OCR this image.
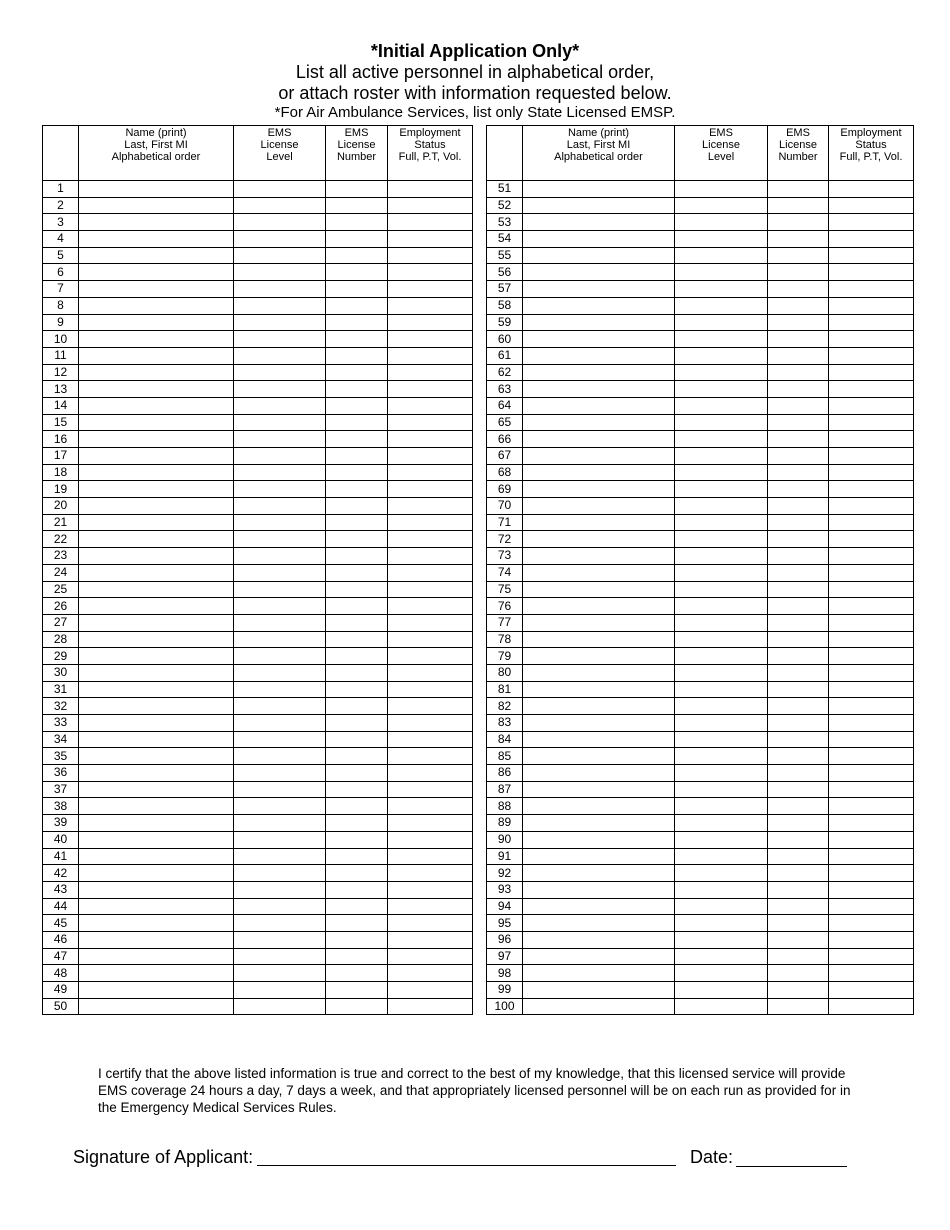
*Initial Application Only*
List all active personnel in alphabetical order,
or attach roster with information requested below.
*For Air Ambulance Services, list only State Licensed EMSP.
	Name (print)
Last, First MI
Alphabetical order	EMS
License
Level	EMS
License
Number	Employment
Status
Full, P.T, Vol.
1				
2				
3				
4				
5				
6				
7				
8				
9				
10				
11				
12				
13				
14				
15				
16				
17				
18				
19				
20				
21				
22				
23				
24				
25				
26				
27				
28				
29				
30				
31				
32				
33				
34				
35				
36				
37				
38				
39				
40				
41				
42				
43				
44				
45				
46				
47				
48				
49				
50				
	Name (print)
Last, First MI
Alphabetical order	EMS
License
Level	EMS
License
Number	Employment
Status
Full, P.T, Vol.
51				
52				
53				
54				
55				
56				
57				
58				
59				
60				
61				
62				
63				
64				
65				
66				
67				
68				
69				
70				
71				
72				
73				
74				
75				
76				
77				
78				
79				
80				
81				
82				
83				
84				
85				
86				
87				
88				
89				
90				
91				
92				
93				
94				
95				
96				
97				
98				
99				
100				
I certify that the above listed information is true and correct to the best of my knowledge, that this licensed service will provide EMS coverage 24 hours a day, 7 days a week, and that appropriately licensed personnel will be on each run as provided for in the Emergency Medical Services Rules.
Signature of Applicant:	Date:
